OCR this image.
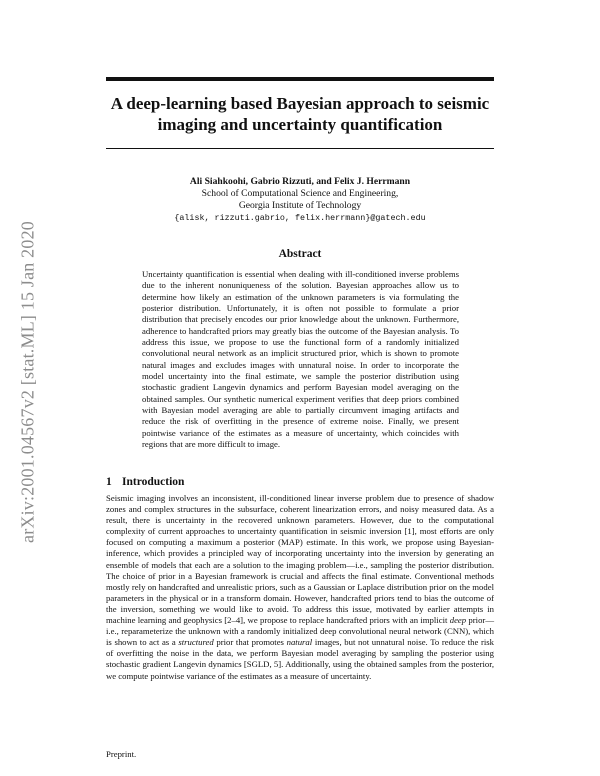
arXiv:2001.04567v2 [stat.ML] 15 Jan 2020
A deep-learning based Bayesian approach to seismic imaging and uncertainty quantification
Ali Siahkoohi, Gabrio Rizzuti, and Felix J. Herrmann
School of Computational Science and Engineering,
Georgia Institute of Technology
{alisk, rizzuti.gabrio, felix.herrmann}@gatech.edu
Abstract

Uncertainty quantification is essential when dealing with ill-conditioned inverse problems due to the inherent nonuniqueness of the solution. Bayesian approaches allow us to determine how likely an estimation of the unknown parameters is via formulating the posterior distribution. Unfortunately, it is often not possible to formulate a prior distribution that precisely encodes our prior knowledge about the unknown. Furthermore, adherence to handcrafted priors may greatly bias the outcome of the Bayesian analysis. To address this issue, we propose to use the functional form of a randomly initialized convolutional neural network as an implicit structured prior, which is shown to promote natural images and excludes images with unnatural noise. In order to incorporate the model uncertainty into the final estimate, we sample the posterior distribution using stochastic gradient Langevin dynamics and perform Bayesian model averaging on the obtained samples. Our synthetic numerical experiment verifies that deep priors combined with Bayesian model averaging are able to partially circumvent imaging artifacts and reduce the risk of overfitting in the presence of extreme noise. Finally, we present pointwise variance of the estimates as a measure of uncertainty, which coincides with regions that are more difficult to image.

1 Introduction

Seismic imaging involves an inconsistent, ill-conditioned linear inverse problem due to presence of shadow zones and complex structures in the subsurface, coherent linearization errors, and noisy measured data. As a result, there is uncertainty in the recovered unknown parameters. However, due to the computational complexity of current approaches to uncertainty quantification in seismic inversion [1], most efforts are only focused on computing a maximum a posterior (MAP) estimate. In this work, we propose using Bayesian-inference, which provides a principled way of incorporating uncertainty into the inversion by generating an ensemble of models that each are a solution to the imaging problem—i.e., sampling the posterior distribution. The choice of prior in a Bayesian framework is crucial and affects the final estimate. Conventional methods mostly rely on handcrafted and unrealistic priors, such as a Gaussian or Laplace distribution prior on the model parameters in the physical or in a transform domain. However, handcrafted priors tend to bias the outcome of the inversion, something we would like to avoid. To address this issue, motivated by earlier attempts in machine learning and geophysics [2–4], we propose to replace handcrafted priors with an implicit deep prior— i.e., reparameterize the unknown with a randomly initialized deep convolutional neural network (CNN), which is shown to act as a structured prior that promotes natural images, but not unnatural noise. To reduce the risk of overfitting the noise in the data, we perform Bayesian model averaging by sampling the posterior using stochastic gradient Langevin dynamics [SGLD, 5]. Additionally, using the obtained samples from the posterior, we compute pointwise variance of the estimates as a measure of uncertainty.

Preprint.
